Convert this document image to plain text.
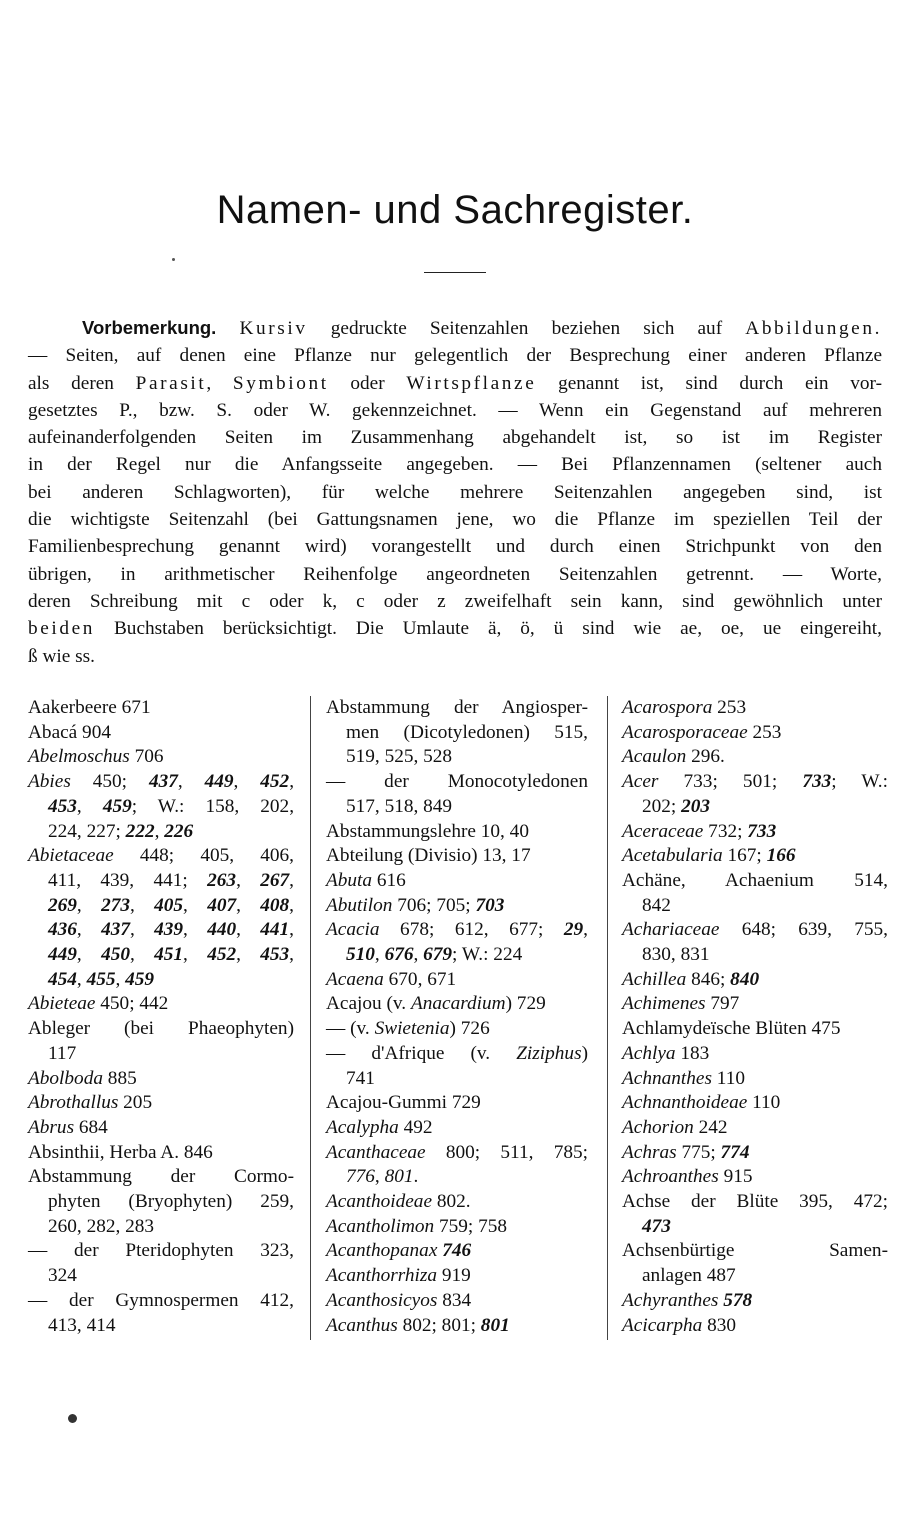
Namen- und Sachregister.
Vorbemerkung. Kursiv gedruckte Seitenzahlen beziehen sich auf Abbildungen.
— Seiten, auf denen eine Pflanze nur gelegentlich der Besprechung einer anderen Pflanze
als deren Parasit, Symbiont oder Wirtspflanze genannt ist, sind durch ein vor-
gesetztes P., bzw. S. oder W. gekennzeichnet. — Wenn ein Gegenstand auf mehreren
aufeinanderfolgenden Seiten im Zusammenhang abgehandelt ist, so ist im Register
in der Regel nur die Anfangsseite angegeben. — Bei Pflanzennamen (seltener auch
bei anderen Schlagworten), für welche mehrere Seitenzahlen angegeben sind, ist
die wichtigste Seitenzahl (bei Gattungsnamen jene, wo die Pflanze im speziellen Teil der
Familienbesprechung genannt wird) vorangestellt und durch einen Strichpunkt von den
übrigen, in arithmetischer Reihenfolge angeordneten Seitenzahlen getrennt. — Worte,
deren Schreibung mit c oder k, c oder z zweifelhaft sein kann, sind gewöhnlich unter
beiden Buchstaben berücksichtigt. Die Umlaute ä, ö, ü sind wie ae, oe, ue eingereiht,
ß wie ss.
Aakerbeere 671
Abacá 904
Abelmoschus 706
Abies 450; 437, 449, 452,
453, 459; W.: 158, 202,
224, 227; 222, 226
Abietaceae 448; 405, 406,
411, 439, 441; 263, 267,
269, 273, 405, 407, 408,
436, 437, 439, 440, 441,
449, 450, 451, 452, 453,
454, 455, 459
Abieteae 450; 442
Ableger (bei Phaeophyten)
117
Abolboda 885
Abrothallus 205
Abrus 684
Absinthii, Herba A. 846
Abstammung der Cormo-
phyten (Bryophyten) 259,
260, 282, 283
— der Pteridophyten 323,
324
— der Gymnospermen 412,
413, 414
Abstammung der Angiosper-
men (Dicotyledonen) 515,
519, 525, 528
— der Monocotyledonen
517, 518, 849
Abstammungslehre 10, 40
Abteilung (Divisio) 13, 17
Abuta 616
Abutilon 706; 705; 703
Acacia 678; 612, 677; 29,
510, 676, 679; W.: 224
Acaena 670, 671
Acajou (v. Anacardium) 729
— (v. Swietenia) 726
— d'Afrique (v. Ziziphus)
741
Acajou-Gummi 729
Acalypha 492
Acanthaceae 800; 511, 785;
776, 801.
Acanthoideae 802.
Acantholimon 759; 758
Acanthopanax 746
Acanthorrhiza 919
Acanthosicyos 834
Acanthus 802; 801; 801
Acarospora 253
Acarosporaceae 253
Acaulon 296.
Acer 733; 501; 733; W.:
202; 203
Aceraceae 732; 733
Acetabularia 167; 166
Achäne, Achaenium 514,
842
Achariaceae 648; 639, 755,
830, 831
Achillea 846; 840
Achimenes 797
Achlamydeïsche Blüten 475
Achlya 183
Achnanthes 110
Achnanthoideae 110
Achorion 242
Achras 775; 774
Achroanthes 915
Achse der Blüte 395, 472;
473
Achsenbürtige Samen-
anlagen 487
Achyranthes 578
Acicarpha 830
